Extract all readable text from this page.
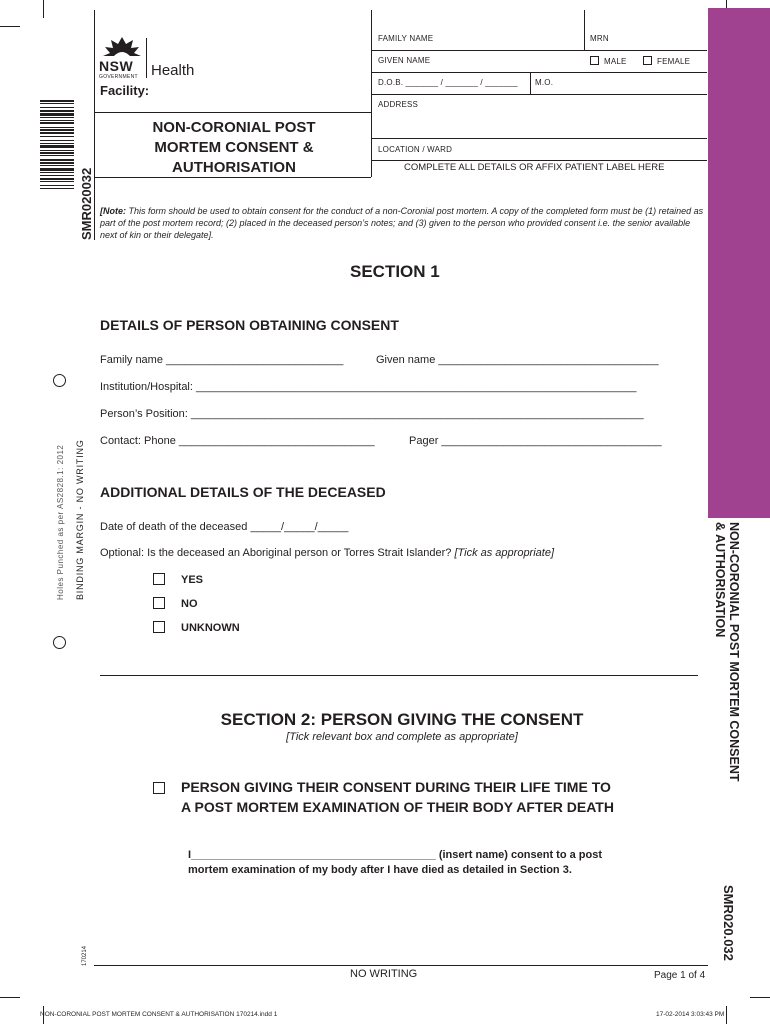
SMR020032
BINDING MARGIN - NO WRITING
Holes Punched as per AS2828.1: 2012
170214
NSW
GOVERNMENT Health
Facility:
NON-CORONIAL POST MORTEM CONSENT & AUTHORISATION
FAMILY NAME	MRN
GIVEN NAME	MALE	FEMALE
D.O.B. _______ / _______ / _______ M.O.
ADDRESS
LOCATION / WARD
COMPLETE ALL DETAILS OR AFFIX PATIENT LABEL HERE
[Note: This form should be used to obtain consent for the conduct of a non-Coronial post mortem. A copy of the completed form must be (1) retained as part of the post mortem record; (2) placed in the deceased person’s notes; and (3) given to the person who provided consent i.e. the senior available next of kin or their delegate].
SECTION 1
DETAILS OF PERSON OBTAINING CONSENT
Family name _____________________________	Given name ____________________________________
Institution/Hospital: ________________________________________________________________________
Person’s Position: __________________________________________________________________________
Contact: Phone ________________________________	Pager ____________________________________
ADDITIONAL DETAILS OF THE DECEASED
Date of death of the deceased _____/_____/_____
Optional: Is the deceased an Aboriginal person or Torres Strait Islander? [Tick as appropriate]
YES
NO
UNKNOWN
SECTION 2: PERSON GIVING THE CONSENT
[Tick relevant box and complete as appropriate]
PERSON GIVING THEIR CONSENT DURING THEIR LIFE TIME TO
A POST MORTEM EXAMINATION OF THEIR BODY AFTER DEATH
I________________________________________ (insert name) consent to a post
mortem examination of my body after I have died as detailed in Section 3.
NON-CORONIAL POST MORTEM CONSENT
& AUTHORISATION
SMR020.032
NO WRITING	Page 1 of 4
NON-CORONIAL POST MORTEM CONSENT & AUTHORISATION 170214.indd 1	17-02-2014 3:03:43 PM
